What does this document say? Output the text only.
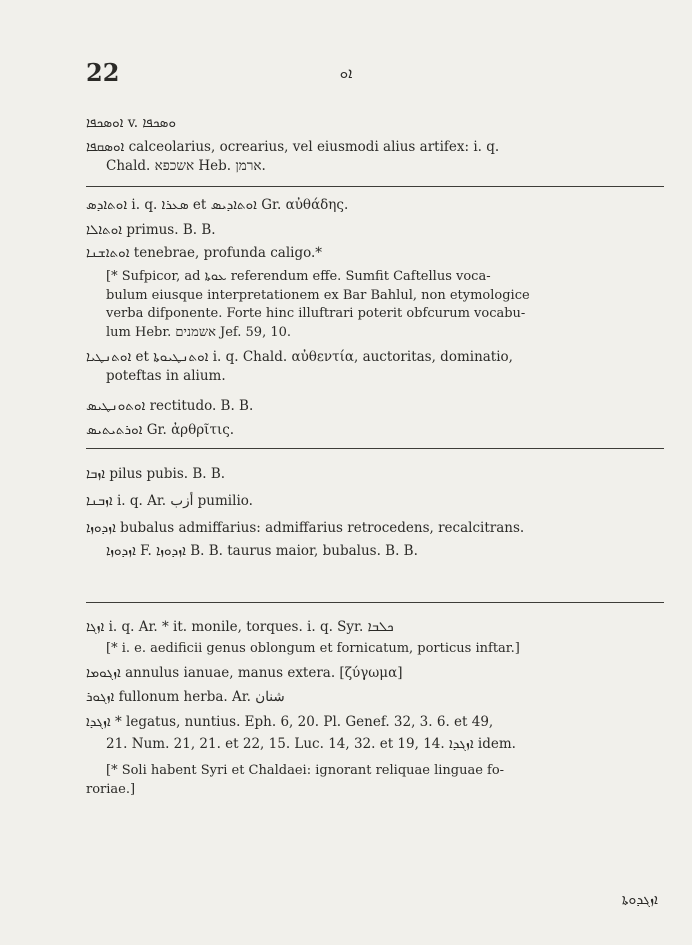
22	ܐܘ
ܐܘܣܟܦܐ v. ܘܣܟܦܐ
ܐܘܣܩܦܐ calceolarius, ocrearius, vel eiusmodi alius artifex: i. q.
Chald. אשכפא Heb. ארמן.
ܐܘܬܐܕܣ i. q. ܣܥܪܐ et ܐܘܬܐܕܝܣ Gr. αὐθάδης.
ܐܘܬܐܠܐ primus. B. B.
ܐܘܬܐܫܢܐ tenebrae, profunda caligo.*
[* Sufpicor, ad ܥܘܬܐ referendum effe. Sumfit Caftellus voca-
bulum eiusque interpretationem ex Bar Bahlul, non etymologice
verba difponente. Forte hinc illuftrari poterit obfcurum vocabu-
lum Hebr. אשמנים Jef. 59, 10.
ܐܘܬܢܛܝܐ et ܐܘܬܢܛܝܘܬܐ i. q. Chald. αὐθεντία, auctoritas, dominatio,
poteftas in alium.
ܐܘܬܘܢܛܝܣ rectitudo. B. B.
ܐܘܪܬܝܬܝܣ Gr. ἀρθρῖτις.
ܐܙܒܐ pilus pubis. B. B.
ܐܙܒܢܐ i. q. Ar. أزب pumilio.
ܐܙܕܘܙܐ bubalus admiffarius: admiffarius retrocedens, recalcitrans.
ܐܙܕܘܙܐ F. ܐܙܕܘܙܐ B. B. taurus maior, bubalus. B. B.
ܐܙܓܐ i. q. Ar. * it. monile, torques. i. q. Syr. ܟܠܒܐ
[* i. e. aedificii genus oblongum et fornicatum, porticus inftar.]
ܐܙܓܘܡܐ annulus ianuae, manus extera. [ζύγωμα]
ܐܙܓܘܪ fullonum herba. Ar. شنان
ܐܙܓܕܐ * legatus, nuntius. Eph. 6, 20. Pl. Genef. 32, 3. 6. et 49,
21. Num. 21, 21. et 22, 15. Luc. 14, 32. et 19, 14. ܐܙܓܕܐ idem.
[* Soli habent Syri et Chaldaei: ignorant reliquae linguae fo-
roriae.]
ܐܙܓܕܘܬܐ
